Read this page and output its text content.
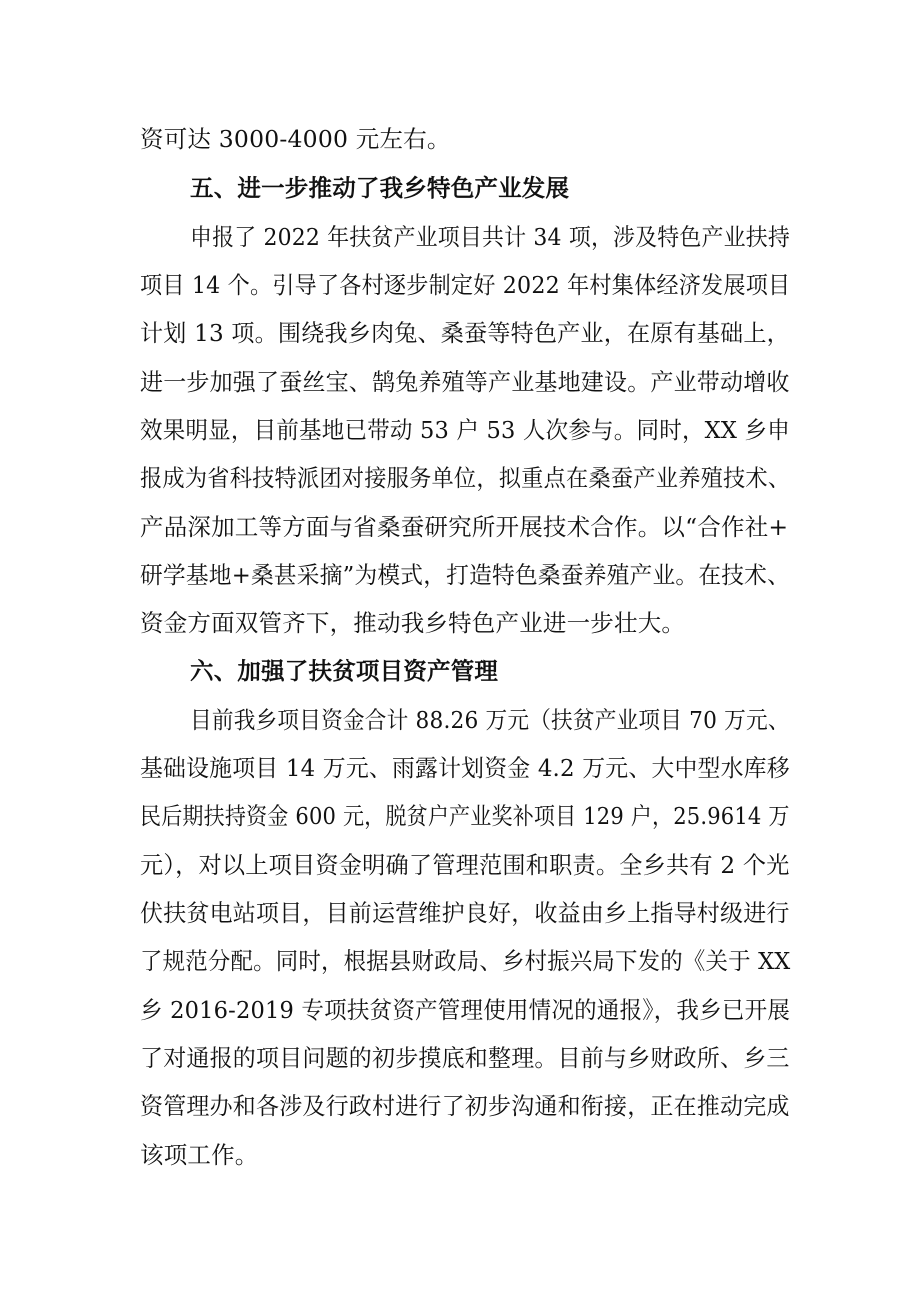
资可达 3000-4000 元左右。
五、进一步推动了我乡特色产业发展
申报了 2022 年扶贫产业项目共计 34 项，涉及特色产业扶持
项目 14 个。引导了各村逐步制定好 2022 年村集体经济发展项目
计划 13 项。围绕我乡肉兔、桑蚕等特色产业，在原有基础上，
进一步加强了蚕丝宝、鹄兔养殖等产业基地建设。产业带动增收
效果明显，目前基地已带动 53 户 53 人次参与。同时，XX 乡申
报成为省科技特派团对接服务单位，拟重点在桑蚕产业养殖技术、
产品深加工等方面与省桑蚕研究所开展技术合作。以“合作社+
研学基地+桑甚采摘”为模式，打造特色桑蚕养殖产业。在技术、
资金方面双管齐下，推动我乡特色产业进一步壮大。
六、加强了扶贫项目资产管理
目前我乡项目资金合计 88.26 万元（扶贫产业项目 70 万元、
基础设施项目 14 万元、雨露计划资金 4.2 万元、大中型水库移
民后期扶持资金 600 元，脱贫户产业奖补项目 129 户，25.9614 万
元），对以上项目资金明确了管理范围和职责。全乡共有 2 个光
伏扶贫电站项目，目前运营维护良好，收益由乡上指导村级进行
了规范分配。同时，根据县财政局、乡村振兴局下发的《关于 XX
乡 2016-2019 专项扶贫资产管理使用情况的通报》，我乡已开展
了对通报的项目问题的初步摸底和整理。目前与乡财政所、乡三
资管理办和各涉及行政村进行了初步沟通和衔接，正在推动完成
该项工作。
